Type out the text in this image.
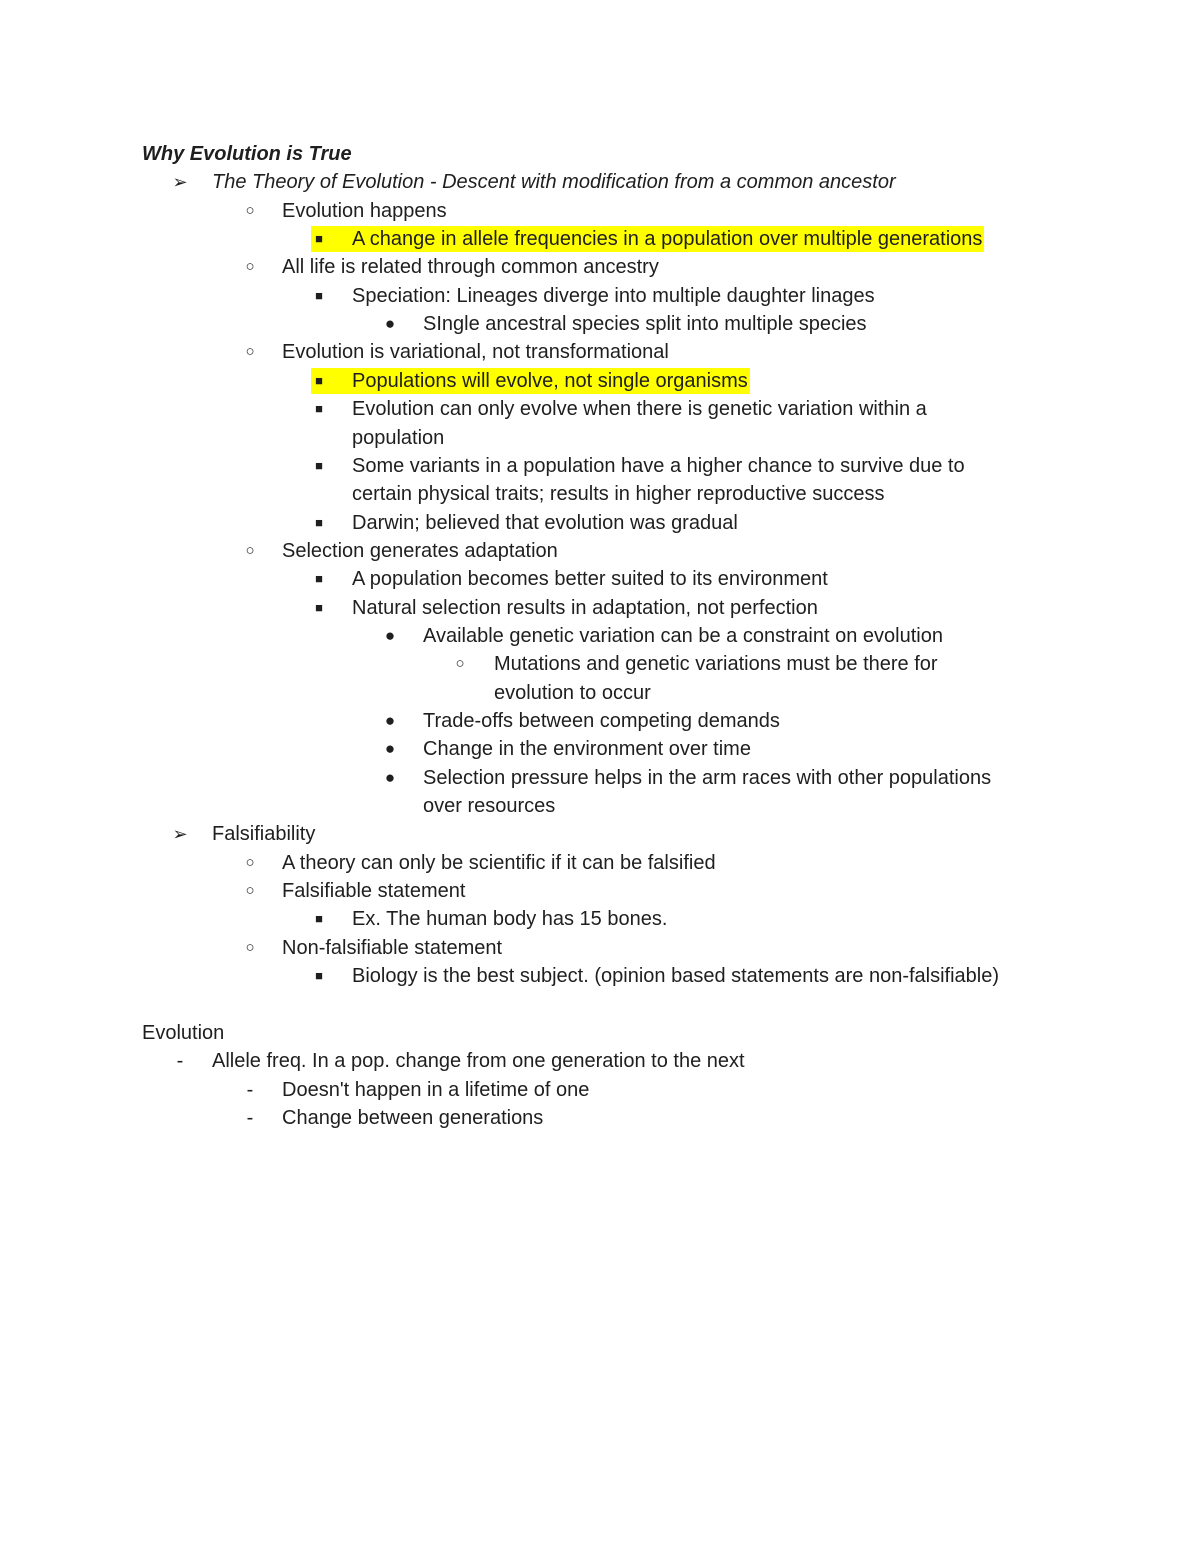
Why Evolution is True
➢ The Theory of Evolution - Descent with modification from a common ancestor
○	Evolution happens
■	A change in allele frequencies in a population over multiple generations
○	All life is related through common ancestry
■	Speciation: Lineages diverge into multiple daughter linages
●	SIngle ancestral species split into multiple species
○	Evolution is variational, not transformational
■	Populations will evolve, not single organisms
■	Evolution can only evolve when there is genetic variation within a
population
■	Some variants in a population have a higher chance to survive due to
certain physical traits; results in higher reproductive success
■	Darwin; believed that evolution was gradual
○	Selection generates adaptation
■	A population becomes better suited to its environment
■	Natural selection results in adaptation, not perfection
●	Available genetic variation can be a constraint on evolution
○	Mutations and genetic variations must be there for
evolution to occur
●	Trade-offs between competing demands
●	Change in the environment over time
●	Selection pressure helps in the arm races with other populations
over resources
➢ Falsifiability
○	A theory can only be scientific if it can be falsified
○	Falsifiable statement
■	Ex. The human body has 15 bones.
○	Non-falsifiable statement
■	Biology is the best subject. (opinion based statements are non-falsifiable)
Evolution
-	Allele freq. In a pop. change from one generation to the next
-	Doesn't happen in a lifetime of one
-	Change between generations
